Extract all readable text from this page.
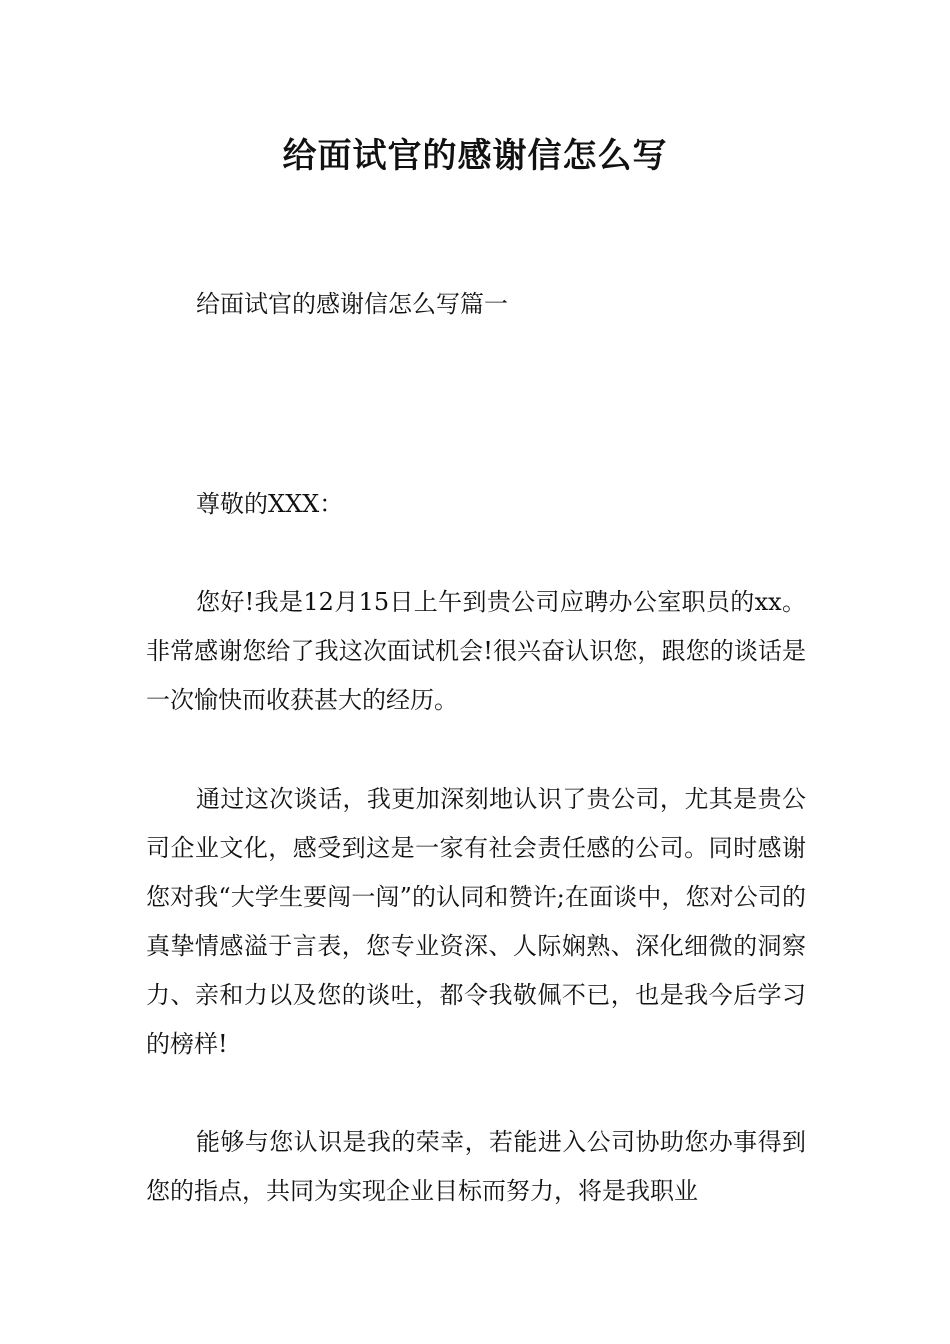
给面试官的感谢信怎么写

给面试官的感谢信怎么写篇一

尊敬的XXX：

您好!我是12月15日上午到贵公司应聘办公室职员的xx。非常感谢您给了我这次面试机会!很兴奋认识您，跟您的谈话是一次愉快而收获甚大的经历。

通过这次谈话，我更加深刻地认识了贵公司，尤其是贵公司企业文化，感受到这是一家有社会责任感的公司。同时感谢您对我“大学生要闯一闯”的认同和赞许;在面谈中，您对公司的真挚情感溢于言表，您专业资深、人际娴熟、深化细微的洞察力、亲和力以及您的谈吐，都令我敬佩不已，也是我今后学习的榜样!

能够与您认识是我的荣幸，若能进入公司协助您办事得到您的指点，共同为实现企业目标而努力，将是我职业
